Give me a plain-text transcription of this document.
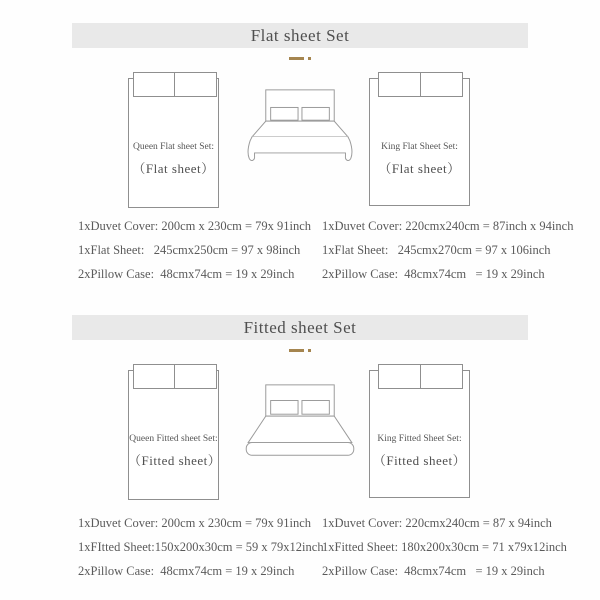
Flat sheet Set
Queen Flat sheet Set:
（Flat sheet）
King Flat Sheet Set:
（Flat sheet）
1xDuvet Cover: 200cm x 230cm = 79x 91inch
1xFlat Sheet:   245cmx250cm = 97 x 98inch
2xPillow Case:  48cmx74cm = 19 x 29inch
1xDuvet Cover: 220cmx240cm = 87inch x 94inch
1xFlat Sheet:   245cmx270cm = 97 x 106inch
2xPillow Case:  48cmx74cm   = 19 x 29inch
Fitted sheet Set
Queen Fitted sheet Set:
（Fitted sheet）
King Fitted Sheet Set:
（Fitted sheet）
1xDuvet Cover: 200cm x 230cm = 79x 91inch
1xFItted Sheet:150x200x30cm = 59 x 79x12inch
2xPillow Case:  48cmx74cm = 19 x 29inch
1xDuvet Cover: 220cmx240cm = 87 x 94inch
1xFitted Sheet: 180x200x30cm = 71 x79x12inch
2xPillow Case:  48cmx74cm   = 19 x 29inch
